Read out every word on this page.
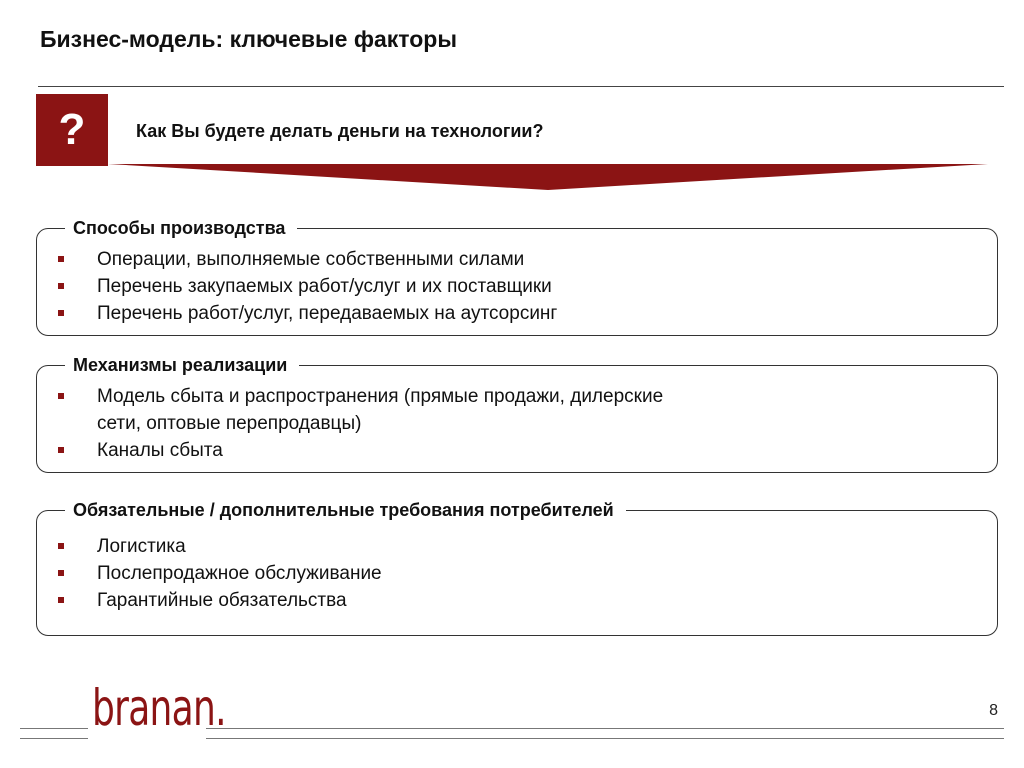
Бизнес-модель: ключевые факторы
?	Как Вы будете делать деньги на технологии?
Способы производства
Операции, выполняемые собственными силами
Перечень закупаемых работ/услуг и их поставщики
Перечень работ/услуг, передаваемых на аутсорсинг
Механизмы реализации
Модель сбыта и распространения (прямые продажи, дилерские сети, оптовые перепродавцы)
Каналы сбыта
Обязательные / дополнительные требования потребителей
Логистика
Послепродажное обслуживание
Гарантийные обязательства
branan.	8
